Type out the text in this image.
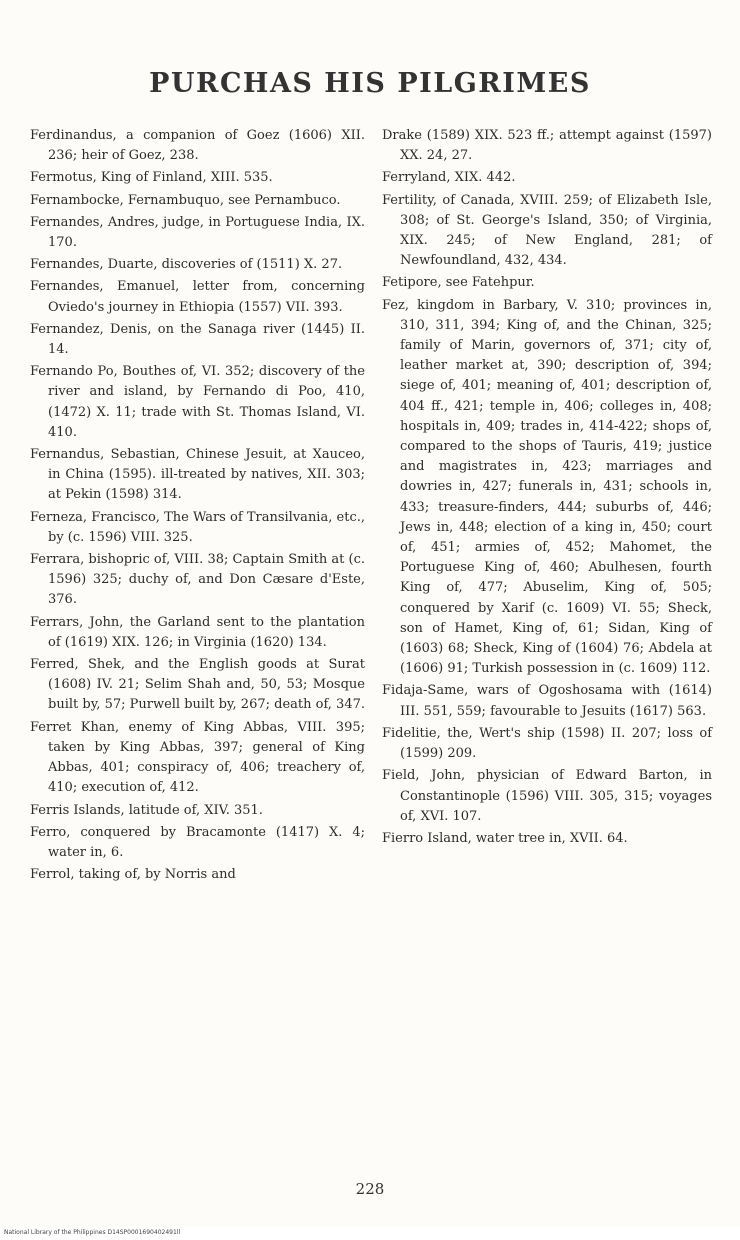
PURCHAS HIS PILGRIMES

Ferdinandus, a companion of Goez (1606) XII. 236; heir of Goez, 238.

Fermotus, King of Finland, XIII. 535.

Fernambocke, Fernambuquo, see Pernambuco.

Fernandes, Andres, judge, in Portuguese India, IX. 170.

Fernandes, Duarte, discoveries of (1511) X. 27.

Fernandes, Emanuel, letter from, concerning Oviedo's journey in Ethiopia (1557) VII. 393.

Fernandez, Denis, on the Sanaga river (1445) II. 14.

Fernando Po, Bouthes of, VI. 352; discovery of the river and island, by Fernando di Poo, 410, (1472) X. 11; trade with St. Thomas Island, VI. 410.

Fernandus, Sebastian, Chinese Jesuit, at Xauceo, in China (1595). ill-treated by natives, XII. 303; at Pekin (1598) 314.

Ferneza, Francisco, The Wars of Transilvania, etc., by (c. 1596) VIII. 325.

Ferrara, bishopric of, VIII. 38; Captain Smith at (c. 1596) 325; duchy of, and Don Cæsare d'Este, 376.

Ferrars, John, the Garland sent to the plantation of (1619) XIX. 126; in Virginia (1620) 134.

Ferred, Shek, and the English goods at Surat (1608) IV. 21; Selim Shah and, 50, 53; Mosque built by, 57; Purwell built by, 267; death of, 347.

Ferret Khan, enemy of King Abbas, VIII. 395; taken by King Abbas, 397; general of King Abbas, 401; conspiracy of, 406; treachery of, 410; execution of, 412.

Ferris Islands, latitude of, XIV. 351.

Ferro, conquered by Bracamonte (1417) X. 4; water in, 6.

Ferrol, taking of, by Norris and

Drake (1589) XIX. 523 ff.; attempt against (1597) XX. 24, 27.

Ferryland, XIX. 442.

Fertility, of Canada, XVIII. 259; of Elizabeth Isle, 308; of St. George's Island, 350; of Virginia, XIX. 245; of New England, 281; of Newfoundland, 432, 434.

Fetipore, see Fatehpur.

Fez, kingdom in Barbary, V. 310; provinces in, 310, 311, 394; King of, and the Chinan, 325; family of Marin, governors of, 371; city of, leather market at, 390; description of, 394; siege of, 401; meaning of, 401; description of, 404 ff., 421; temple in, 406; colleges in, 408; hospitals in, 409; trades in, 414-422; shops of, compared to the shops of Tauris, 419; justice and magistrates in, 423; marriages and dowries in, 427; funerals in, 431; schools in, 433; treasure-finders, 444; suburbs of, 446; Jews in, 448; election of a king in, 450; court of, 451; armies of, 452; Mahomet, the Portuguese King of, 460; Abulhesen, fourth King of, 477; Abuselim, King of, 505; conquered by Xarif (c. 1609) VI. 55; Sheck, son of Hamet, King of, 61; Sidan, King of (1603) 68; Sheck, King of (1604) 76; Abdela at (1606) 91; Turkish possession in (c. 1609) 112.

Fidaja-Same, wars of Ogoshosama with (1614) III. 551, 559; favourable to Jesuits (1617) 563.

Fidelitie, the, Wert's ship (1598) II. 207; loss of (1599) 209.

Field, John, physician of Edward Barton, in Constantinople (1596) VIII. 305, 315; voyages of, XVI. 107.

Fierro Island, water tree in, XVII. 64.

228
National Library of the Philippines D14SP0001690402491ll
